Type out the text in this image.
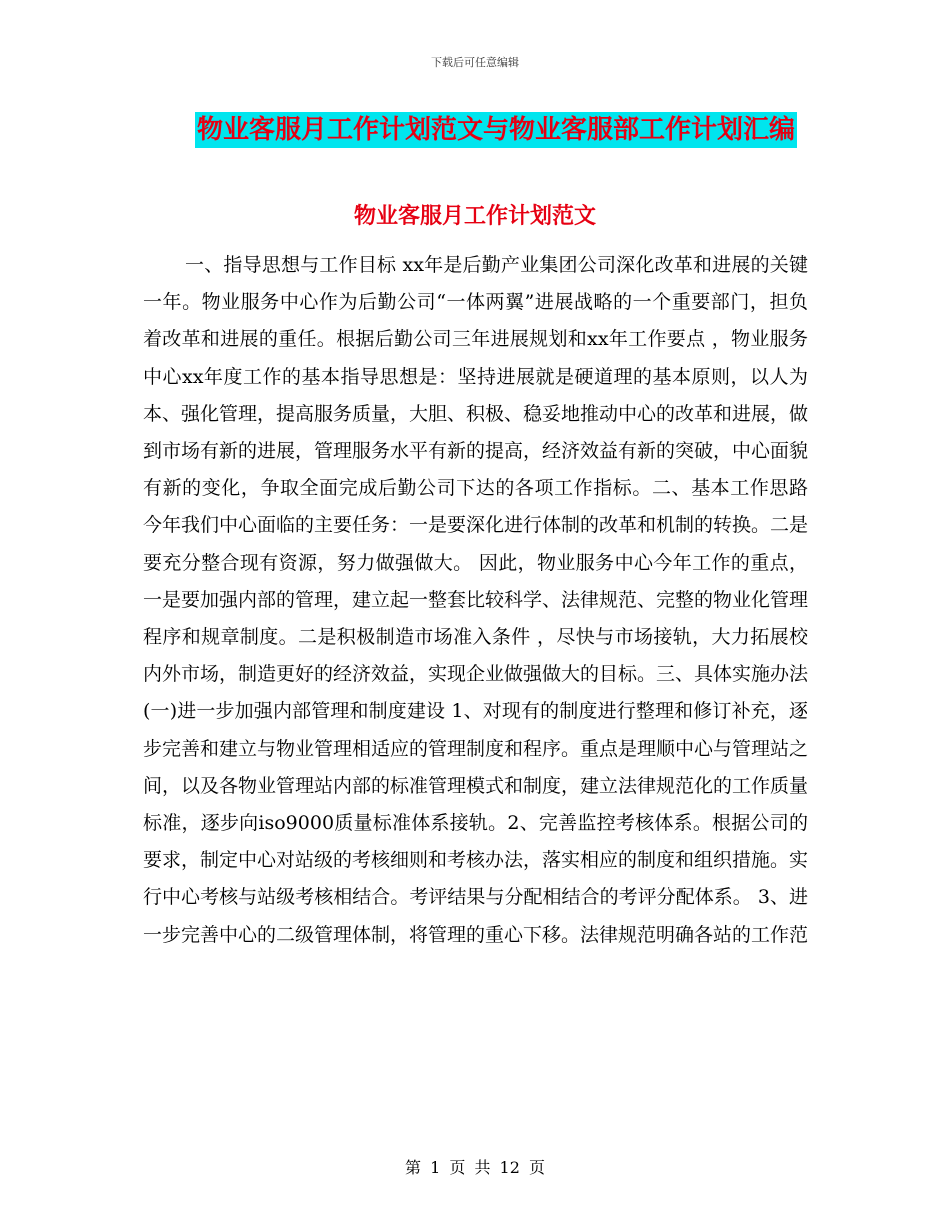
下载后可任意编辑
物业客服月工作计划范文与物业客服部工作计划汇编
物业客服月工作计划范文

一、指导思想与工作目标 xx年是后勤产业集团公司深化改革和进展的关键一年。物业服务中心作为后勤公司“一体两翼”进展战略的一个重要部门，担负着改革和进展的重任。根据后勤公司三年进展规划和xx年工作要点 ，物业服务中心xx年度工作的基本指导思想是：坚持进展就是硬道理的基本原则，以人为本、强化管理，提高服务质量，大胆、积极、稳妥地推动中心的改革和进展，做到市场有新的进展，管理服务水平有新的提高，经济效益有新的突破，中心面貌有新的变化，争取全面完成后勤公司下达的各项工作指标。二、基本工作思路 今年我们中心面临的主要任务：一是要深化进行体制的改革和机制的转换。二是要充分整合现有资源，努力做强做大。 因此，物业服务中心今年工作的重点，一是要加强内部的管理，建立起一整套比较科学、法律规范、完整的物业化管理程序和规章制度。二是积极制造市场准入条件 ，尽快与市场接轨，大力拓展校内外市场，制造更好的经济效益，实现企业做强做大的目标。三、具体实施办法(一)进一步加强内部管理和制度建设 1、对现有的制度进行整理和修订补充，逐步完善和建立与物业管理相适应的管理制度和程序。重点是理顺中心与管理站之间，以及各物业管理站内部的标准管理模式和制度，建立法律规范化的工作质量标准，逐步向iso9000质量标准体系接轨。2、完善监控考核体系。根据公司的要求，制定中心对站级的考核细则和考核办法，落实相应的制度和组织措施。实行中心考核与站级考核相结合。考评结果与分配相结合的考评分配体系。 3、进一步完善中心的二级管理体制，将管理的重心下移。法律规范明确各站的工作范

第 1 页 共 12 页
